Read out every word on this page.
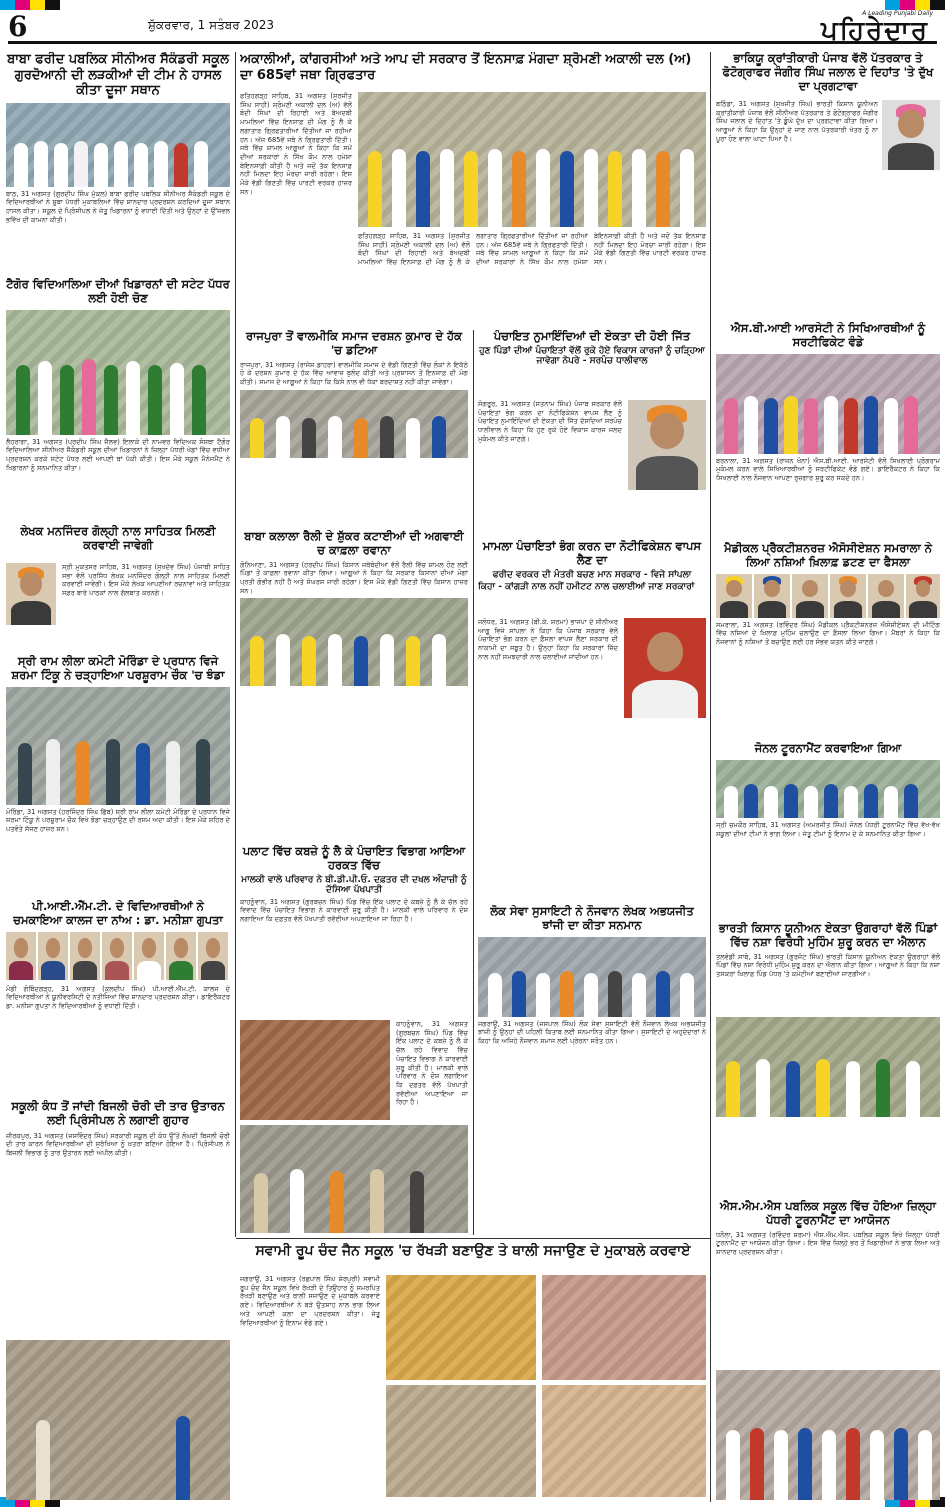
6	ਸ਼ੁੱਕਰਵਾਰ, 1 ਸਤੰਬਰ 2023
A Leading Punjabi Daily
ਪਹਿਰੇਦਾਰ
ਬਾਬਾ ਫਰੀਦ ਪਬਲਿਕ ਸੀਨੀਅਰ ਸੈਕੰਡਰੀ ਸਕੂਲ ਗੁਰਦੋਆਨੀ ਦੀ ਲੜਕੀਆਂ ਦੀ ਟੀਮ ਨੇ ਹਾਸਲ ਕੀਤਾ ਦੂਜਾ ਸਥਾਨ
ਬਾਠ, 31 ਅਗਸਤ (ਗੁਰਦੀਪ ਸਿੰਘ ਮੁੱਕਲ) ਬਾਬਾ ਫਰੀਦ ਪਬਲਿਕ ਸੀਨੀਅਰ ਸੈਕੰਡਰੀ ਸਕੂਲ ਦੇ ਵਿਦਿਆਰਥੀਆਂ ਨੇ ਸੂਬਾ ਪੱਧਰੀ ਮੁਕਾਬਲਿਆਂ ਵਿੱਚ ਸ਼ਾਨਦਾਰ ਪ੍ਰਦਰਸ਼ਨ ਕਰਦਿਆਂ ਦੂਜਾ ਸਥਾਨ ਹਾਸਲ ਕੀਤਾ। ਸਕੂਲ ਦੇ ਪ੍ਰਿੰਸੀਪਲ ਨੇ ਜੇਤੂ ਖਿਡਾਰਨਾਂ ਨੂੰ ਵਧਾਈ ਦਿੱਤੀ ਅਤੇ ਉਨ੍ਹਾਂ ਦੇ ਉੱਜਵਲ ਭਵਿੱਖ ਦੀ ਕਾਮਨਾ ਕੀਤੀ।
ਟੈਗੋਰ ਵਿਦਿਆਲਿਆ ਦੀਆਂ ਖਿਡਾਰਨਾਂ ਦੀ ਸਟੇਟ ਪੱਧਰ ਲਈ ਹੋਈ ਚੋਣ
ਲੈਹਰਾਗਾ, 31 ਅਗਸਤ (ਪ੍ਰਦੀਪ ਸਿੰਘ ਜੈਲਵ) ਇਲਾਕੇ ਦੀ ਨਾਮਵਰ ਵਿਦਿਅਕ ਸੰਸਥਾ ਟੈਗੋਰ ਵਿਦਿਆਲਿਆ ਸੀਨੀਅਰ ਸੈਕੰਡਰੀ ਸਕੂਲ ਦੀਆਂ ਖਿਡਾਰਨਾਂ ਨੇ ਜ਼ਿਲ੍ਹਾ ਪੱਧਰੀ ਖੇਡਾਂ ਵਿੱਚ ਵਧੀਆ ਪ੍ਰਦਰਸ਼ਨ ਕਰਕੇ ਸਟੇਟ ਪੱਧਰ ਲਈ ਆਪਣੀ ਥਾਂ ਪੱਕੀ ਕੀਤੀ। ਇਸ ਮੌਕੇ ਸਕੂਲ ਮੈਨੇਜਮੈਂਟ ਨੇ ਖਿਡਾਰਨਾਂ ਨੂੰ ਸਨਮਾਨਿਤ ਕੀਤਾ।
ਲੇਖਕ ਮਨਜਿੰਦਰ ਗੋਲ੍ਹੀ ਨਾਲ ਸਾਹਿਤਕ ਮਿਲਣੀ ਕਰਵਾਈ ਜਾਵੇਗੀ
ਸ੍ਰੀ ਮੁਕਤਸਰ ਸਾਹਿਬ, 31 ਅਗਸਤ (ਸੁਖਦੇਵ ਸਿੰਘ) ਪੰਜਾਬੀ ਸਾਹਿਤ ਸਭਾ ਵੱਲੋਂ ਪ੍ਰਸਿੱਧ ਲੇਖਕ ਮਨਜਿੰਦਰ ਗੋਲ੍ਹੀ ਨਾਲ ਸਾਹਿਤਕ ਮਿਲਣੀ ਕਰਵਾਈ ਜਾਵੇਗੀ। ਇਸ ਮੌਕੇ ਲੇਖਕ ਆਪਣੀਆਂ ਰਚਨਾਵਾਂ ਅਤੇ ਸਾਹਿਤਕ ਸਫ਼ਰ ਬਾਰੇ ਪਾਠਕਾਂ ਨਾਲ ਗੱਲਬਾਤ ਕਰਨਗੇ।
ਸ੍ਰੀ ਰਾਮ ਲੀਲਾ ਕਮੇਟੀ ਮੋਰਿੰਡਾ ਦੇ ਪ੍ਰਧਾਨ ਵਿਜੇ ਸ਼ਰਮਾ ਟਿੰਕੂ ਨੇ ਚੜ੍ਹਾਇਆ ਪਰਸ਼ੂਰਾਮ ਚੌਕ 'ਚ ਝੰਡਾ
ਮੋਰਿੰਡਾ, 31 ਅਗਸਤ (ਹਰਜਿੰਦਰ ਸਿੰਘ ਛਿੱਬ) ਸ੍ਰੀ ਰਾਮ ਲੀਲਾ ਕਮੇਟੀ ਮੋਰਿੰਡਾ ਦੇ ਪ੍ਰਧਾਨ ਵਿਜੇ ਸ਼ਰਮਾ ਟਿੰਕੂ ਨੇ ਪਰਸ਼ੂਰਾਮ ਚੌਕ ਵਿਖੇ ਝੰਡਾ ਚੜ੍ਹਾਉਣ ਦੀ ਰਸਮ ਅਦਾ ਕੀਤੀ। ਇਸ ਮੌਕੇ ਸ਼ਹਿਰ ਦੇ ਪਤਵੰਤੇ ਸੱਜਣ ਹਾਜ਼ਰ ਸਨ।
ਪੀ.ਆਈ.ਐੱਮ.ਟੀ. ਦੇ ਵਿਦਿਆਰਥੀਆਂ ਨੇ ਚਮਕਾਇਆ ਕਾਲਜ ਦਾ ਨਾਂਅ : ਡਾ. ਮਨੀਸ਼ਾ ਗੁਪਤਾ
ਮੰਡੀ ਗੋਬਿੰਦਗੜ੍ਹ, 31 ਅਗਸਤ (ਕੁਲਦੀਪ ਸਿੰਘ) ਪੀ.ਆਈ.ਐੱਮ.ਟੀ. ਕਾਲਜ ਦੇ ਵਿਦਿਆਰਥੀਆਂ ਨੇ ਯੂਨੀਵਰਸਿਟੀ ਦੇ ਨਤੀਜਿਆਂ ਵਿੱਚ ਸ਼ਾਨਦਾਰ ਪ੍ਰਦਰਸ਼ਨ ਕੀਤਾ। ਡਾਇਰੈਕਟਰ ਡਾ. ਮਨੀਸ਼ਾ ਗੁਪਤਾ ਨੇ ਵਿਦਿਆਰਥੀਆਂ ਨੂੰ ਵਧਾਈ ਦਿੱਤੀ।
ਸਕੂਲੀ ਕੰਧ ਤੋਂ ਜਾਂਦੀ ਬਿਜਲੀ ਚੋਰੀ ਦੀ ਤਾਰ ਉਤਾਰਨ ਲਈ ਪ੍ਰਿੰਸੀਪਲ ਨੇ ਲਗਾਈ ਗੁਹਾਰ
ਜ਼ੀਰਕਪੁਰ, 31 ਅਗਸਤ (ਜਸਵਿੰਦਰ ਸਿੰਘ) ਸਰਕਾਰੀ ਸਕੂਲ ਦੀ ਕੰਧ ਉੱਤੋਂ ਲੰਘਦੀ ਬਿਜਲੀ ਚੋਰੀ ਦੀ ਤਾਰ ਕਾਰਨ ਵਿਦਿਆਰਥੀਆਂ ਦੀ ਸੁਰੱਖਿਆ ਨੂੰ ਖ਼ਤਰਾ ਬਣਿਆ ਹੋਇਆ ਹੈ। ਪ੍ਰਿੰਸੀਪਲ ਨੇ ਬਿਜਲੀ ਵਿਭਾਗ ਨੂੰ ਤਾਰ ਉਤਾਰਨ ਲਈ ਅਪੀਲ ਕੀਤੀ।
ਅਕਾਲੀਆਂ, ਕਾਂਗਰਸੀਆਂ ਅਤੇ ਆਪ ਦੀ ਸਰਕਾਰ ਤੋਂ ਇਨਸਾਫ਼ ਮੰਗਦਾ ਸ਼੍ਰੋਮਣੀ ਅਕਾਲੀ ਦਲ (ਅ) ਦਾ 685ਵਾਂ ਜਥਾ ਗ੍ਰਿਫਤਾਰ
ਫਤਿਹਗੜ੍ਹ ਸਾਹਿਬ, 31 ਅਗਸਤ (ਸੁਰਜੀਤ ਸਿੰਘ ਸਾਹੀ) ਸ਼੍ਰੋਮਣੀ ਅਕਾਲੀ ਦਲ (ਅ) ਵੱਲੋਂ ਬੰਦੀ ਸਿੰਘਾਂ ਦੀ ਰਿਹਾਈ ਅਤੇ ਬੇਅਦਬੀ ਮਾਮਲਿਆਂ ਵਿੱਚ ਇਨਸਾਫ਼ ਦੀ ਮੰਗ ਨੂੰ ਲੈ ਕੇ ਲਗਾਤਾਰ ਗ੍ਰਿਫਤਾਰੀਆਂ ਦਿੱਤੀਆਂ ਜਾ ਰਹੀਆਂ ਹਨ। ਅੱਜ 685ਵੇਂ ਜਥੇ ਨੇ ਗ੍ਰਿਫਤਾਰੀ ਦਿੱਤੀ। ਜਥੇ ਵਿੱਚ ਸ਼ਾਮਲ ਆਗੂਆਂ ਨੇ ਕਿਹਾ ਕਿ ਸਮੇਂ ਦੀਆਂ ਸਰਕਾਰਾਂ ਨੇ ਸਿੱਖ ਕੌਮ ਨਾਲ ਹਮੇਸ਼ਾ ਬੇਇਨਸਾਫ਼ੀ ਕੀਤੀ ਹੈ ਅਤੇ ਜਦੋਂ ਤੱਕ ਇਨਸਾਫ਼ ਨਹੀਂ ਮਿਲਦਾ ਇਹ ਮੋਰਚਾ ਜਾਰੀ ਰਹੇਗਾ। ਇਸ ਮੌਕੇ ਵੱਡੀ ਗਿਣਤੀ ਵਿੱਚ ਪਾਰਟੀ ਵਰਕਰ ਹਾਜ਼ਰ ਸਨ।
ਫਤਿਹਗੜ੍ਹ ਸਾਹਿਬ, 31 ਅਗਸਤ (ਸੁਰਜੀਤ ਸਿੰਘ ਸਾਹੀ) ਸ਼੍ਰੋਮਣੀ ਅਕਾਲੀ ਦਲ (ਅ) ਵੱਲੋਂ ਬੰਦੀ ਸਿੰਘਾਂ ਦੀ ਰਿਹਾਈ ਅਤੇ ਬੇਅਦਬੀ ਮਾਮਲਿਆਂ ਵਿੱਚ ਇਨਸਾਫ਼ ਦੀ ਮੰਗ ਨੂੰ ਲੈ ਕੇ ਲਗਾਤਾਰ ਗ੍ਰਿਫਤਾਰੀਆਂ ਦਿੱਤੀਆਂ ਜਾ ਰਹੀਆਂ ਹਨ। ਅੱਜ 685ਵੇਂ ਜਥੇ ਨੇ ਗ੍ਰਿਫਤਾਰੀ ਦਿੱਤੀ। ਜਥੇ ਵਿੱਚ ਸ਼ਾਮਲ ਆਗੂਆਂ ਨੇ ਕਿਹਾ ਕਿ ਸਮੇਂ ਦੀਆਂ ਸਰਕਾਰਾਂ ਨੇ ਸਿੱਖ ਕੌਮ ਨਾਲ ਹਮੇਸ਼ਾ ਬੇਇਨਸਾਫ਼ੀ ਕੀਤੀ ਹੈ ਅਤੇ ਜਦੋਂ ਤੱਕ ਇਨਸਾਫ਼ ਨਹੀਂ ਮਿਲਦਾ ਇਹ ਮੋਰਚਾ ਜਾਰੀ ਰਹੇਗਾ। ਇਸ ਮੌਕੇ ਵੱਡੀ ਗਿਣਤੀ ਵਿੱਚ ਪਾਰਟੀ ਵਰਕਰ ਹਾਜ਼ਰ ਸਨ।
ਰਾਜਪੁਰਾ ਤੋਂ ਵਾਲਮੀਕਿ ਸਮਾਜ ਦਰਸ਼ਨ ਕੁਮਾਰ ਦੇ ਹੱਕ 'ਚ ਡਟਿਆ
ਰਾਜਪੁਰਾ, 31 ਅਗਸਤ (ਰਾਜੇਸ਼ ਡਾਹਰਾ) ਵਾਲਮੀਕਿ ਸਮਾਜ ਦੇ ਵੱਡੀ ਗਿਣਤੀ ਵਿੱਚ ਲੋਕਾਂ ਨੇ ਇਕੱਠੇ ਹੋ ਕੇ ਦਰਸ਼ਨ ਕੁਮਾਰ ਦੇ ਹੱਕ ਵਿੱਚ ਆਵਾਜ਼ ਬੁਲੰਦ ਕੀਤੀ ਅਤੇ ਪ੍ਰਸ਼ਾਸਨ ਤੋਂ ਇਨਸਾਫ਼ ਦੀ ਮੰਗ ਕੀਤੀ। ਸਮਾਜ ਦੇ ਆਗੂਆਂ ਨੇ ਕਿਹਾ ਕਿ ਕਿਸੇ ਨਾਲ ਵੀ ਧੱਕਾ ਬਰਦਾਸ਼ਤ ਨਹੀਂ ਕੀਤਾ ਜਾਵੇਗਾ।
ਬਾਬਾ ਕਲਾਲਾ ਰੈਲੀ ਦੇ ਸ਼ੁੱਕਰ ਕਟਾਈਆਂ ਦੀ ਅਗਵਾਈ ਚ ਕਾਫ਼ਲਾ ਰਵਾਨਾ
ਗੋਨਿਆਣਾ, 31 ਅਗਸਤ (ਹਰਦੀਪ ਸਿੰਘ) ਕਿਸਾਨ ਜਥੇਬੰਦੀਆਂ ਵੱਲੋਂ ਰੈਲੀ ਵਿੱਚ ਸ਼ਾਮਲ ਹੋਣ ਲਈ ਪਿੰਡਾਂ ਤੋਂ ਕਾਫ਼ਲਾ ਰਵਾਨਾ ਕੀਤਾ ਗਿਆ। ਆਗੂਆਂ ਨੇ ਕਿਹਾ ਕਿ ਸਰਕਾਰ ਕਿਸਾਨਾਂ ਦੀਆਂ ਮੰਗਾਂ ਪ੍ਰਤੀ ਗੰਭੀਰ ਨਹੀਂ ਹੈ ਅਤੇ ਸੰਘਰਸ਼ ਜਾਰੀ ਰਹੇਗਾ। ਇਸ ਮੌਕੇ ਵੱਡੀ ਗਿਣਤੀ ਵਿੱਚ ਕਿਸਾਨ ਹਾਜ਼ਰ ਸਨ।
ਪਲਾਟ ਵਿੱਚ ਕਬਜ਼ੇ ਨੂੰ ਲੈ ਕੇ ਪੰਚਾਇਤ ਵਿਭਾਗ ਆਇਆ ਹਰਕਤ ਵਿੱਚ
ਮਾਲਕੀ ਵਾਲੇ ਪਰਿਵਾਰ ਨੇ ਬੀ.ਡੀ.ਪੀ.ਓ. ਦਫ਼ਤਰ ਦੀ ਦਖਲ ਅੰਦਾਜ਼ੀ ਨੂੰ ਦੱਸਿਆ ਪੱਖਪਾਤੀ
ਕਾਹਨੂੰਵਾਨ, 31 ਅਗਸਤ (ਗੁਰਬਚਨ ਸਿੰਘ) ਪਿੰਡ ਵਿੱਚ ਇੱਕ ਪਲਾਟ ਦੇ ਕਬਜ਼ੇ ਨੂੰ ਲੈ ਕੇ ਚੱਲ ਰਹੇ ਵਿਵਾਦ ਵਿੱਚ ਪੰਚਾਇਤ ਵਿਭਾਗ ਨੇ ਕਾਰਵਾਈ ਸ਼ੁਰੂ ਕੀਤੀ ਹੈ। ਮਾਲਕੀ ਵਾਲੇ ਪਰਿਵਾਰ ਨੇ ਦੋਸ਼ ਲਗਾਇਆ ਕਿ ਦਫ਼ਤਰ ਵੱਲੋਂ ਪੱਖਪਾਤੀ ਰਵੱਈਆ ਅਪਣਾਇਆ ਜਾ ਰਿਹਾ ਹੈ।
ਕਾਹਨੂੰਵਾਨ, 31 ਅਗਸਤ (ਗੁਰਬਚਨ ਸਿੰਘ) ਪਿੰਡ ਵਿੱਚ ਇੱਕ ਪਲਾਟ ਦੇ ਕਬਜ਼ੇ ਨੂੰ ਲੈ ਕੇ ਚੱਲ ਰਹੇ ਵਿਵਾਦ ਵਿੱਚ ਪੰਚਾਇਤ ਵਿਭਾਗ ਨੇ ਕਾਰਵਾਈ ਸ਼ੁਰੂ ਕੀਤੀ ਹੈ। ਮਾਲਕੀ ਵਾਲੇ ਪਰਿਵਾਰ ਨੇ ਦੋਸ਼ ਲਗਾਇਆ ਕਿ ਦਫ਼ਤਰ ਵੱਲੋਂ ਪੱਖਪਾਤੀ ਰਵੱਈਆ ਅਪਣਾਇਆ ਜਾ ਰਿਹਾ ਹੈ।
ਪੰਚਾਇਤ ਨੁਮਾਇੰਦਿਆਂ ਦੀ ਏਕਤਾ ਦੀ ਹੋਈ ਜਿੱਤ
ਹੁਣ ਪਿੰਡਾਂ ਦੀਆਂ ਪੰਚਾਇਤਾਂ ਵੱਲੋਂ ਰੁਕੇ ਹੋਏ ਵਿਕਾਸ ਕਾਰਜਾਂ ਨੂੰ ਚੜ੍ਹਿਆ ਜਾਵੇਗਾ ਨੇਪਰੇ - ਸਰਪੰਚ ਧਾਲੀਵਾਲ
ਸੰਗਰੂਰ, 31 ਅਗਸਤ (ਸਤਨਾਮ ਸਿੰਘ) ਪੰਜਾਬ ਸਰਕਾਰ ਵੱਲੋਂ ਪੰਚਾਇਤਾਂ ਭੰਗ ਕਰਨ ਦਾ ਨੋਟੀਫਿਕੇਸ਼ਨ ਵਾਪਸ ਲੈਣ ਨੂੰ ਪੰਚਾਇਤ ਨੁਮਾਇੰਦਿਆਂ ਦੀ ਏਕਤਾ ਦੀ ਜਿੱਤ ਦੱਸਦਿਆਂ ਸਰਪੰਚ ਧਾਲੀਵਾਲ ਨੇ ਕਿਹਾ ਕਿ ਹੁਣ ਰੁਕੇ ਹੋਏ ਵਿਕਾਸ ਕਾਰਜ ਜਲਦ ਮੁਕੰਮਲ ਕੀਤੇ ਜਾਣਗੇ।
ਮਾਮਲਾ ਪੰਚਾਇਤਾਂ ਭੰਗ ਕਰਨ ਦਾ ਨੋਟੀਫਿਕੇਸ਼ਨ ਵਾਪਸ ਲੈਣ ਦਾ
ਫਰੀਦ ਵਰਕਰ ਦੀ ਮੰਤਰੀ ਬਚਣ ਮਾਨ ਸਰਕਾਰ - ਵਿਜੇ ਸਾਂਪਲਾ
ਕਿਹਾ - ਕਾਂਗੜੀ ਨਾਲ ਨਹੀਂ ਹਮੀਟਟ ਨਾਲ ਚਲਾਈਆਂ ਜਾਣ ਸਰਕਾਰਾਂ
ਜਲੰਧਰ, 31 ਅਗਸਤ (ਬੀ.ਕੇ. ਸ਼ਰਮਾ) ਭਾਜਪਾ ਦੇ ਸੀਨੀਅਰ ਆਗੂ ਵਿਜੇ ਸਾਂਪਲਾ ਨੇ ਕਿਹਾ ਕਿ ਪੰਜਾਬ ਸਰਕਾਰ ਵੱਲੋਂ ਪੰਚਾਇਤਾਂ ਭੰਗ ਕਰਨ ਦਾ ਫ਼ੈਸਲਾ ਵਾਪਸ ਲੈਣਾ ਸਰਕਾਰ ਦੀ ਨਾਕਾਮੀ ਦਾ ਸਬੂਤ ਹੈ। ਉਨ੍ਹਾਂ ਕਿਹਾ ਕਿ ਸਰਕਾਰਾਂ ਜ਼ਿੱਦ ਨਾਲ ਨਹੀਂ ਸਮਝਦਾਰੀ ਨਾਲ ਚਲਾਈਆਂ ਜਾਂਦੀਆਂ ਹਨ।
ਲੋਕ ਸੇਵਾ ਸੁਸਾਇਟੀ ਨੇ ਨੌਜਵਾਨ ਲੇਖਕ ਅਭਯਜੀਤ ਝਾਂਜੀ ਦਾ ਕੀਤਾ ਸਨਮਾਨ
ਜਗਰਾਉਂ, 31 ਅਗਸਤ (ਜਸਪਾਲ ਸਿੰਘ) ਲੋਕ ਸੇਵਾ ਸੁਸਾਇਟੀ ਵੱਲੋਂ ਨੌਜਵਾਨ ਲੇਖਕ ਅਭਯਜੀਤ ਝਾਂਜੀ ਨੂੰ ਉਨ੍ਹਾਂ ਦੀ ਪਹਿਲੀ ਕਿਤਾਬ ਲਈ ਸਨਮਾਨਿਤ ਕੀਤਾ ਗਿਆ। ਸੁਸਾਇਟੀ ਦੇ ਅਹੁਦੇਦਾਰਾਂ ਨੇ ਕਿਹਾ ਕਿ ਅਜਿਹੇ ਨੌਜਵਾਨ ਸਮਾਜ ਲਈ ਪ੍ਰੇਰਨਾ ਸਰੋਤ ਹਨ।
ਸਵਾਮੀ ਰੂਪ ਚੰਦ ਜੈਨ ਸਕੂਲ 'ਚ ਰੱਖੜੀ ਬਣਾਉਣ ਤੇ ਥਾਲੀ ਸਜਾਉਣ ਦੇ ਮੁਕਾਬਲੇ ਕਰਵਾਏ
ਜਗਰਾਉਂ, 31 ਅਗਸਤ (ਰਛਪਾਲ ਸਿੰਘ ਸ਼ੇਰਪੁਰੀ) ਸਵਾਮੀ ਰੂਪ ਚੰਦ ਜੈਨ ਸਕੂਲ ਵਿਖੇ ਰੱਖੜੀ ਦੇ ਤਿਉਹਾਰ ਨੂੰ ਸਮਰਪਿਤ ਰੱਖੜੀ ਬਣਾਉਣ ਅਤੇ ਥਾਲੀ ਸਜਾਉਣ ਦੇ ਮੁਕਾਬਲੇ ਕਰਵਾਏ ਗਏ। ਵਿਦਿਆਰਥੀਆਂ ਨੇ ਬੜੇ ਉਤਸ਼ਾਹ ਨਾਲ ਭਾਗ ਲਿਆ ਅਤੇ ਆਪਣੀ ਕਲਾ ਦਾ ਪ੍ਰਦਰਸ਼ਨ ਕੀਤਾ। ਜੇਤੂ ਵਿਦਿਆਰਥੀਆਂ ਨੂੰ ਇਨਾਮ ਵੰਡੇ ਗਏ।
ਭਾਕਿਯੂ ਕ੍ਰਾਂਤੀਕਾਰੀ ਪੰਜਾਬ ਵੱਲੋਂ ਪੱਤਰਕਾਰ ਤੇ ਫੋਟੋਗ੍ਰਾਫਰ ਜੰਗੀਰ ਸਿੰਘ ਜਲਾਲ ਦੇ ਦਿਹਾਂਤ 'ਤੇ ਦੁੱਖ ਦਾ ਪ੍ਰਗਟਾਵਾ
ਬਠਿੰਡਾ, 31 ਅਗਸਤ (ਸੁਖਜੀਤ ਸਿੰਘ) ਭਾਰਤੀ ਕਿਸਾਨ ਯੂਨੀਅਨ ਕ੍ਰਾਂਤੀਕਾਰੀ ਪੰਜਾਬ ਵੱਲੋਂ ਸੀਨੀਅਰ ਪੱਤਰਕਾਰ ਤੇ ਫੋਟੋਗ੍ਰਾਫਰ ਜੰਗੀਰ ਸਿੰਘ ਜਲਾਲ ਦੇ ਦਿਹਾਂਤ 'ਤੇ ਡੂੰਘੇ ਦੁੱਖ ਦਾ ਪ੍ਰਗਟਾਵਾ ਕੀਤਾ ਗਿਆ। ਆਗੂਆਂ ਨੇ ਕਿਹਾ ਕਿ ਉਨ੍ਹਾਂ ਦੇ ਜਾਣ ਨਾਲ ਪੱਤਰਕਾਰੀ ਖੇਤਰ ਨੂੰ ਨਾ ਪੂਰਾ ਹੋਣ ਵਾਲਾ ਘਾਟਾ ਪਿਆ ਹੈ।
ਐਸ.ਬੀ.ਆਈ ਆਰਸੇਟੀ ਨੇ ਸਿਖਿਆਰਥੀਆਂ ਨੂੰ ਸਰਟੀਫਿਕੇਟ ਵੰਡੇ
ਬਰਨਾਲਾ, 31 ਅਗਸਤ (ਰਾਜਨ ਖੰਨਾ) ਐਸ.ਬੀ.ਆਈ. ਆਰਸੇਟੀ ਵੱਲੋਂ ਸਿਖਲਾਈ ਪ੍ਰੋਗਰਾਮ ਮੁਕੰਮਲ ਕਰਨ ਵਾਲੇ ਸਿਖਿਆਰਥੀਆਂ ਨੂੰ ਸਰਟੀਫਿਕੇਟ ਵੰਡੇ ਗਏ। ਡਾਇਰੈਕਟਰ ਨੇ ਕਿਹਾ ਕਿ ਸਿਖਲਾਈ ਨਾਲ ਨੌਜਵਾਨ ਆਪਣਾ ਰੁਜ਼ਗਾਰ ਸ਼ੁਰੂ ਕਰ ਸਕਦੇ ਹਨ।
ਮੈਡੀਕਲ ਪ੍ਰੈਕਟੀਸ਼ਨਰਜ਼ ਐਸੋਸੀਏਸ਼ਨ ਸਮਰਾਲਾ ਨੇ ਲਿਆ ਨਸ਼ਿਆਂ ਖ਼ਿਲਾਫ਼ ਡਟਣ ਦਾ ਫੈਸਲਾ
ਸਮਰਾਲਾ, 31 ਅਗਸਤ (ਰਵਿੰਦਰ ਸਿੰਘ) ਮੈਡੀਕਲ ਪ੍ਰੈਕਟੀਸ਼ਨਰਜ਼ ਐਸੋਸੀਏਸ਼ਨ ਦੀ ਮੀਟਿੰਗ ਵਿੱਚ ਨਸ਼ਿਆਂ ਦੇ ਖ਼ਿਲਾਫ਼ ਮੁਹਿੰਮ ਚਲਾਉਣ ਦਾ ਫ਼ੈਸਲਾ ਲਿਆ ਗਿਆ। ਮੈਂਬਰਾਂ ਨੇ ਕਿਹਾ ਕਿ ਨੌਜਵਾਨਾਂ ਨੂੰ ਨਸ਼ਿਆਂ ਤੋਂ ਬਚਾਉਣ ਲਈ ਹਰ ਸੰਭਵ ਯਤਨ ਕੀਤੇ ਜਾਣਗੇ।
ਜੋਨਲ ਟੂਰਨਾਮੈਂਟ ਕਰਵਾਇਆ ਗਿਆ
ਸ੍ਰੀ ਚਮਕੌਰ ਸਾਹਿਬ, 31 ਅਗਸਤ (ਅਮਰਜੀਤ ਸਿੰਘ) ਜੋਨਲ ਪੱਧਰੀ ਟੂਰਨਾਮੈਂਟ ਵਿੱਚ ਵੱਖ-ਵੱਖ ਸਕੂਲਾਂ ਦੀਆਂ ਟੀਮਾਂ ਨੇ ਭਾਗ ਲਿਆ। ਜੇਤੂ ਟੀਮਾਂ ਨੂੰ ਇਨਾਮ ਦੇ ਕੇ ਸਨਮਾਨਿਤ ਕੀਤਾ ਗਿਆ।
ਭਾਰਤੀ ਕਿਸਾਨ ਯੂਨੀਅਨ ਏਕਤਾ ਉਗਰਾਹਾਂ ਵੱਲੋਂ ਪਿੰਡਾਂ ਵਿੱਚ ਨਸ਼ਾ ਵਿਰੋਧੀ ਮੁਹਿੰਮ ਸ਼ੁਰੂ ਕਰਨ ਦਾ ਐਲਾਨ
ਤਲਵੰਡੀ ਸਾਬੋ, 31 ਅਗਸਤ (ਗੁਰਜੰਟ ਸਿੰਘ) ਭਾਰਤੀ ਕਿਸਾਨ ਯੂਨੀਅਨ ਏਕਤਾ ਉਗਰਾਹਾਂ ਵੱਲੋਂ ਪਿੰਡਾਂ ਵਿੱਚ ਨਸ਼ਾ ਵਿਰੋਧੀ ਮੁਹਿੰਮ ਸ਼ੁਰੂ ਕਰਨ ਦਾ ਐਲਾਨ ਕੀਤਾ ਗਿਆ। ਆਗੂਆਂ ਨੇ ਕਿਹਾ ਕਿ ਨਸ਼ਾ ਤਸਕਰਾਂ ਖ਼ਿਲਾਫ਼ ਪਿੰਡ ਪੱਧਰ 'ਤੇ ਕਮੇਟੀਆਂ ਬਣਾਈਆਂ ਜਾਣਗੀਆਂ।
ਐਸ.ਐਮ.ਐਸ ਪਬਲਿਕ ਸਕੂਲ ਵਿੱਚ ਹੋਇਆ ਜ਼ਿਲ੍ਹਾ ਪੱਧਰੀ ਟੂਰਨਾਮੈਂਟ ਦਾ ਆਯੋਜਨ
ਧਨੌਲਾ, 31 ਅਗਸਤ (ਰਵਿੰਦਰ ਸ਼ਰਮਾ) ਐਸ.ਐਮ.ਐਸ. ਪਬਲਿਕ ਸਕੂਲ ਵਿਖੇ ਜ਼ਿਲ੍ਹਾ ਪੱਧਰੀ ਟੂਰਨਾਮੈਂਟ ਦਾ ਆਯੋਜਨ ਕੀਤਾ ਗਿਆ। ਇਸ ਵਿੱਚ ਜ਼ਿਲ੍ਹੇ ਭਰ ਤੋਂ ਖਿਡਾਰੀਆਂ ਨੇ ਭਾਗ ਲਿਆ ਅਤੇ ਸ਼ਾਨਦਾਰ ਪ੍ਰਦਰਸ਼ਨ ਕੀਤਾ।
